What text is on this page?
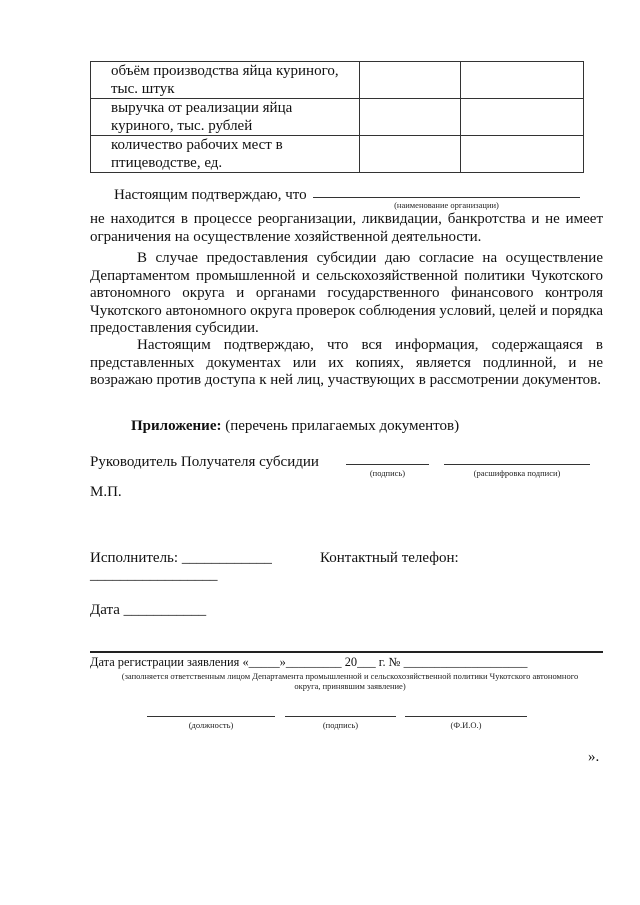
объём производства яйца куриного, тыс. штук		
выручка от реализации яйца куриного, тыс. рублей		
количество рабочих мест в птицеводстве, ед.		
Настоящим подтверждаю, что
(наименование организации)
не находится в процессе реорганизации, ликвидации, банкротства и не имеет ограничения на осуществление хозяйственной деятельности.
В случае предоставления субсидии даю согласие на осуществление Департаментом промышленной и сельскохозяйственной политики Чукотского автономного округа и органами государственного финансового контроля Чукотского автономного округа проверок соблюдения условий, целей и порядка предоставления субсидии.
Настоящим подтверждаю, что вся информация, содержащаяся в представленных документах или их копиях, является подлинной, и не возражаю против доступа к ней лиц, участвующих в рассмотрении документов.
Приложение: (перечень прилагаемых документов)
Руководитель Получателя субсидии
(подпись)	(расшифровка подписи)
М.П.
Исполнитель: ____________	Контактный телефон:
_________________
Дата ___________
Дата регистрации заявления «_____»_________ 20___ г. № ____________________
(заполняется ответственным лицом Департамента промышленной и сельскохозяйственной политики Чукотского автономного округа, принявшим заявление)
(должность)	(подпись)	(Ф.И.О.)
».
